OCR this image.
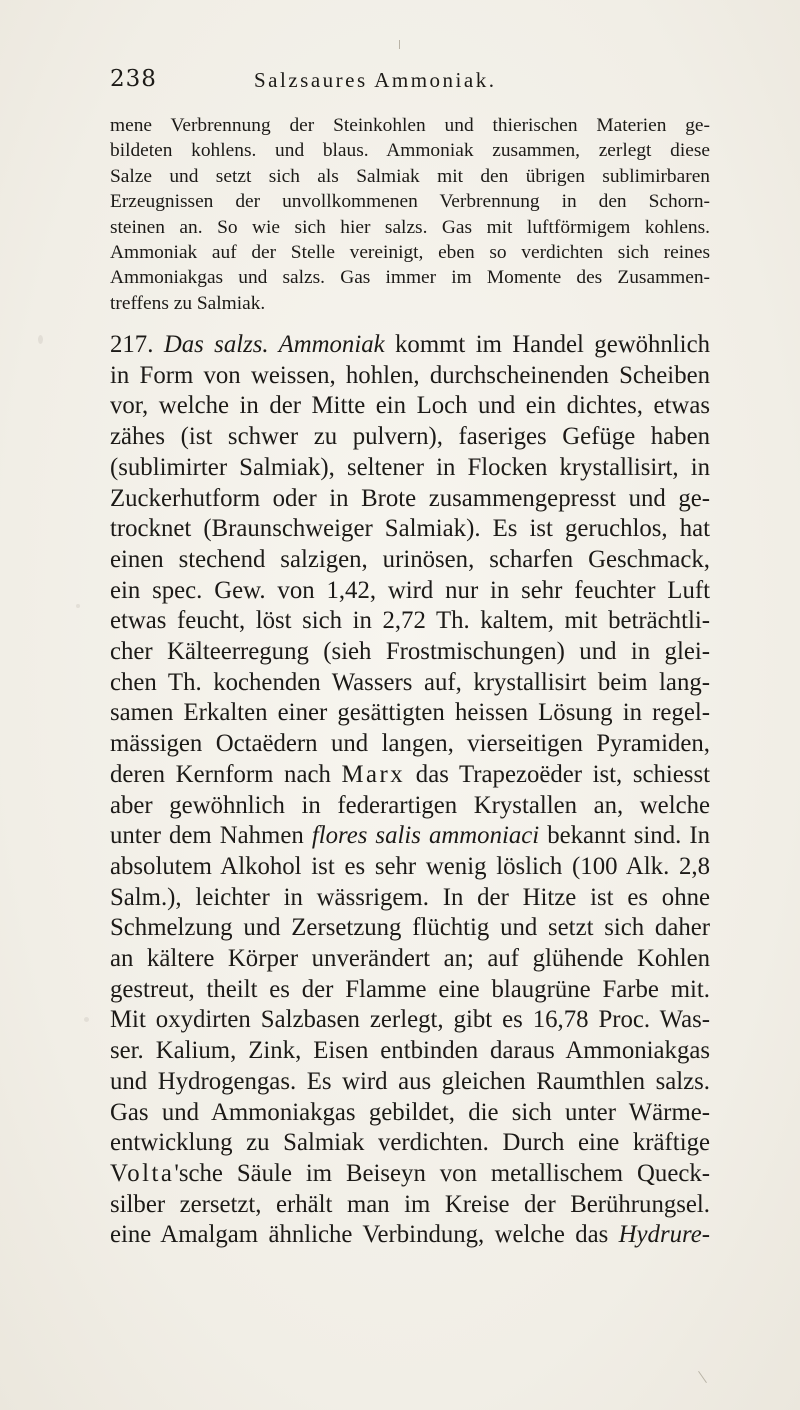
238	Salzsaures Ammoniak.
mene Verbrennung der Steinkohlen und thierischen Materien ge-
bildeten kohlens. und blaus. Ammoniak zusammen, zerlegt diese
Salze und setzt sich als Salmiak mit den übrigen sublimirbaren
Erzeugnissen der unvollkommenen Verbrennung in den Schorn-
steinen an. So wie sich hier salzs. Gas mit luftförmigem kohlens.
Ammoniak auf der Stelle vereinigt, eben so verdichten sich reines
Ammoniakgas und salzs. Gas immer im Momente des Zusammen-
treffens zu Salmiak.
217. Das salzs. Ammoniak kommt im Handel gewöhnlich
in Form von weissen, hohlen, durchscheinenden Scheiben
vor, welche in der Mitte ein Loch und ein dichtes, etwas
zähes (ist schwer zu pulvern), faseriges Gefüge haben
(sublimirter Salmiak), seltener in Flocken krystallisirt, in
Zuckerhutform oder in Brote zusammengepresst und ge-
trocknet (Braunschweiger Salmiak). Es ist geruchlos, hat
einen stechend salzigen, urinösen, scharfen Geschmack,
ein spec. Gew. von 1,42, wird nur in sehr feuchter Luft
etwas feucht, löst sich in 2,72 Th. kaltem, mit beträchtli-
cher Kälteerregung (sieh Frostmischungen) und in glei-
chen Th. kochenden Wassers auf, krystallisirt beim lang-
samen Erkalten einer gesättigten heissen Lösung in regel-
mässigen Octaëdern und langen, vierseitigen Pyramiden,
deren Kernform nach Marx das Trapezoëder ist, schiesst
aber gewöhnlich in federartigen Krystallen an, welche
unter dem Nahmen flores salis ammoniaci bekannt sind. In
absolutem Alkohol ist es sehr wenig löslich (100 Alk. 2,8
Salm.), leichter in wässrigem. In der Hitze ist es ohne
Schmelzung und Zersetzung flüchtig und setzt sich daher
an kältere Körper unverändert an; auf glühende Kohlen
gestreut, theilt es der Flamme eine blaugrüne Farbe mit.
Mit oxydirten Salzbasen zerlegt, gibt es 16,78 Proc. Was-
ser. Kalium, Zink, Eisen entbinden daraus Ammoniakgas
und Hydrogengas. Es wird aus gleichen Raumthlen salzs.
Gas und Ammoniakgas gebildet, die sich unter Wärme-
entwicklung zu Salmiak verdichten. Durch eine kräftige
Volta'sche Säule im Beiseyn von metallischem Queck-
silber zersetzt, erhält man im Kreise der Berührungsel.
eine Amalgam ähnliche Verbindung, welche das Hydrure-
